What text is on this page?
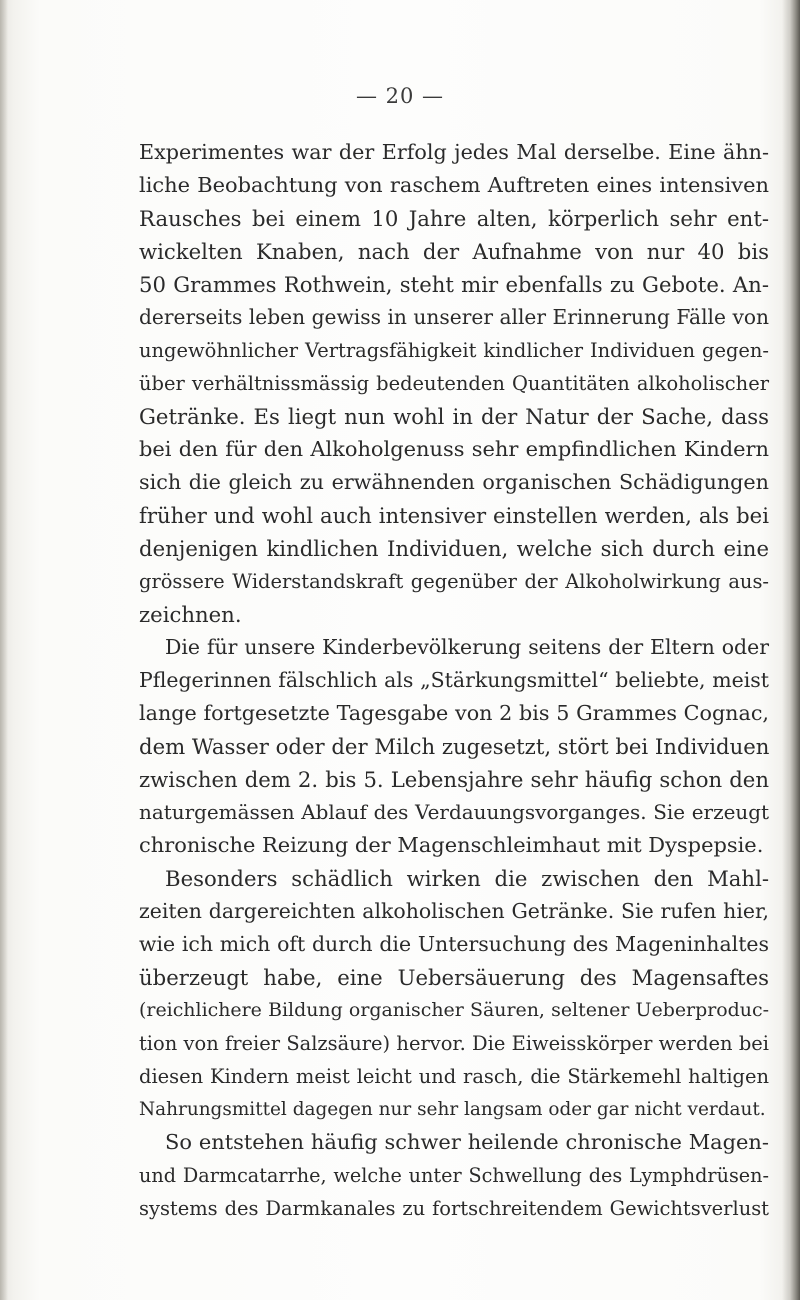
— 20 —
Experimentes war der Erfolg jedes Mal derselbe. Eine ähn-
liche Beobachtung von raschem Auftreten eines intensiven
Rausches bei einem 10 Jahre alten, körperlich sehr ent-
wickelten Knaben, nach der Aufnahme von nur 40 bis
50 Grammes Rothwein, steht mir ebenfalls zu Gebote. An-
dererseits leben gewiss in unserer aller Erinnerung Fälle von
ungewöhnlicher Vertragsfähigkeit kindlicher Individuen gegen-
über verhältnissmässig bedeutenden Quantitäten alkoholischer
Getränke. Es liegt nun wohl in der Natur der Sache, dass
bei den für den Alkoholgenuss sehr empfindlichen Kindern
sich die gleich zu erwähnenden organischen Schädigungen
früher und wohl auch intensiver einstellen werden, als bei
denjenigen kindlichen Individuen, welche sich durch eine
grössere Widerstandskraft gegenüber der Alkoholwirkung aus-
zeichnen.
Die für unsere Kinderbevölkerung seitens der Eltern oder
Pflegerinnen fälschlich als „Stärkungsmittel“ beliebte, meist
lange fortgesetzte Tagesgabe von 2 bis 5 Grammes Cognac,
dem Wasser oder der Milch zugesetzt, stört bei Individuen
zwischen dem 2. bis 5. Lebensjahre sehr häufig schon den
naturgemässen Ablauf des Verdauungsvorganges. Sie erzeugt
chronische Reizung der Magenschleimhaut mit Dyspepsie.
Besonders schädlich wirken die zwischen den Mahl-
zeiten dargereichten alkoholischen Getränke. Sie rufen hier,
wie ich mich oft durch die Untersuchung des Mageninhaltes
überzeugt habe, eine Uebersäuerung des Magensaftes
(reichlichere Bildung organischer Säuren, seltener Ueberproduc-
tion von freier Salzsäure) hervor. Die Eiweisskörper werden bei
diesen Kindern meist leicht und rasch, die Stärkemehl haltigen
Nahrungsmittel dagegen nur sehr langsam oder gar nicht verdaut.
So entstehen häufig schwer heilende chronische Magen-
und Darmcatarrhe, welche unter Schwellung des Lymphdrüsen-
systems des Darmkanales zu fortschreitendem Gewichtsverlust
